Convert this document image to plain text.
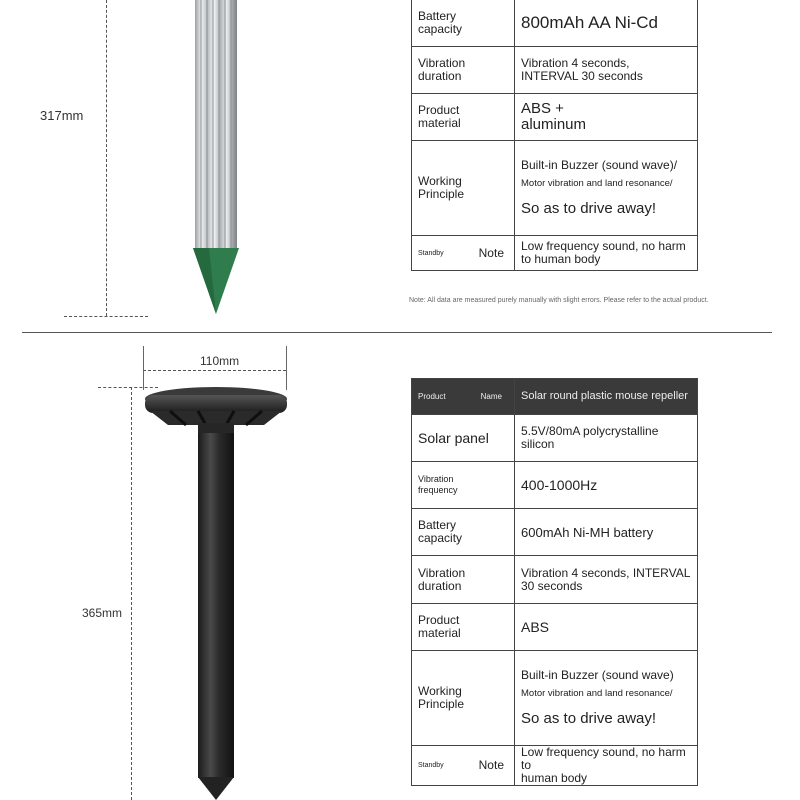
317mm
Battery
capacity	800mAh AA Ni-Cd
Vibration
duration	Vibration 4 seconds,
INTERVAL 30 seconds
Product
material	ABS +
aluminum
Working Principle	Built-in Buzzer (sound wave)/
Motor vibration and land resonance/
So as to drive away!

Standby Note	Low frequency sound, no harm to human body
Note: All data are measured purely manually with slight errors. Please refer to the actual product.
110mm
365mm
Product Name	Solar round plastic mouse repeller
Solar panel	5.5V/80mA polycrystalline
silicon
Vibration
frequency	400-1000Hz
Battery
capacity	600mAh Ni-MH battery
Vibration
duration	Vibration 4 seconds, INTERVAL
30 seconds
Product
material	ABS
Working Principle	Built-in Buzzer (sound wave)
Motor vibration and land resonance/
So as to drive away!

Standby Note	Low frequency sound, no harm to
human body
